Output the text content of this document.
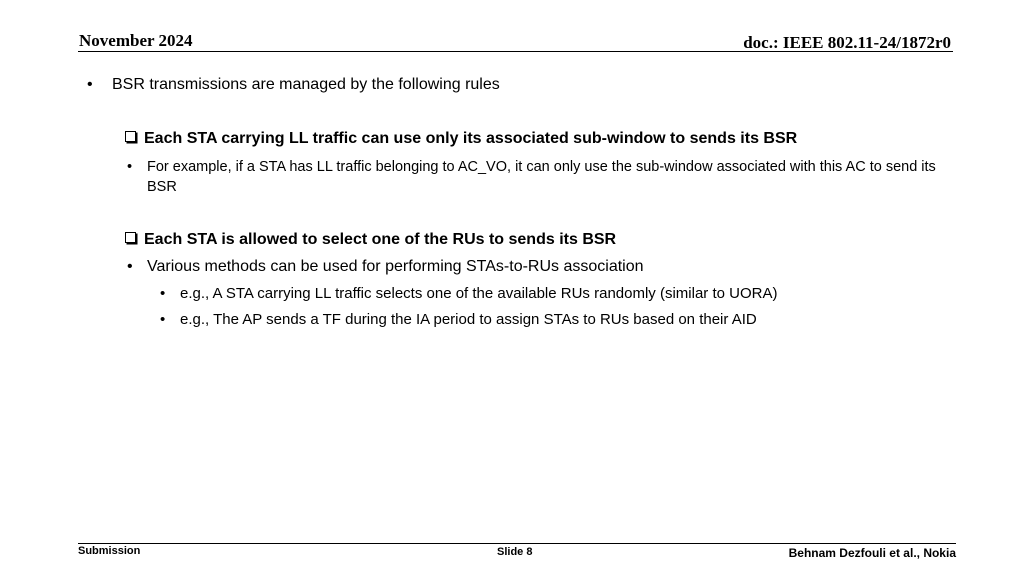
November 2024	doc.: IEEE 802.11-24/1872r0
• BSR transmissions are managed by the following rules
Each STA carrying LL traffic can use only its associated sub-window to sends its BSR
• For example, if a STA has LL traffic belonging to AC_VO, it can only use the sub-window associated with this AC to send its BSR
Each STA is allowed to select one of the RUs to sends its BSR
• Various methods can be used for performing STAs-to-RUs association
• e.g., A STA carrying LL traffic selects one of the available RUs randomly (similar to UORA)
• e.g., The AP sends a TF during the IA period to assign STAs to RUs based on their AID
Submission	Slide 8	Behnam Dezfouli et al., Nokia
